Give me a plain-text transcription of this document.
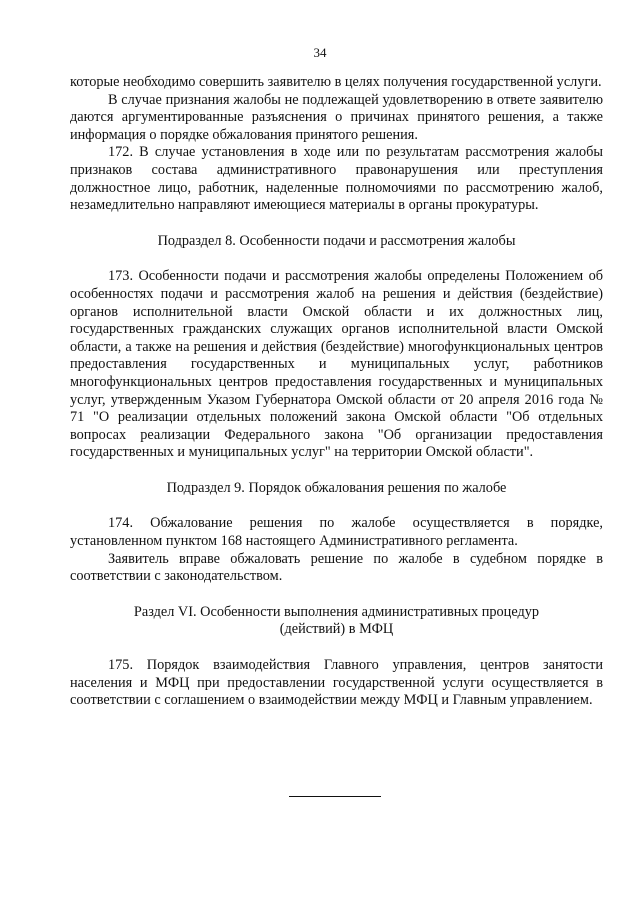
34

которые необходимо совершить заявителю в целях получения государственной услуги.

В случае признания жалобы не подлежащей удовлетворению в ответе заявителю даются аргументированные разъяснения о причинах принятого решения, а также информация о порядке обжалования принятого решения.

172. В случае установления в ходе или по результатам рассмотрения жалобы признаков состава административного правонарушения или преступления должностное лицо, работник, наделенные полномочиями по рассмотрению жалоб, незамедлительно направляют имеющиеся материалы в органы прокуратуры.

Подраздел 8. Особенности подачи и рассмотрения жалобы

173. Особенности подачи и рассмотрения жалобы определены Положением об особенностях подачи и рассмотрения жалоб на решения и действия (бездействие) органов исполнительной власти Омской области и их должностных лиц, государственных гражданских служащих органов исполнительной власти Омской области, а также на решения и действия (бездействие) многофункциональных центров предоставления государственных и муниципальных услуг, работников многофункциональных центров предоставления государственных и муниципальных услуг, утвержденным Указом Губернатора Омской области от 20 апреля 2016 года № 71 "О реализации отдельных положений закона Омской области "Об отдельных вопросах реализации Федерального закона "Об организации предоставления государственных и муниципальных услуг" на территории Омской области".

Подраздел 9. Порядок обжалования решения по жалобе

174. Обжалование решения по жалобе осуществляется в порядке, установленном пунктом 168 настоящего Административного регламента.

Заявитель вправе обжаловать решение по жалобе в судебном порядке в соответствии с законодательством.

Раздел VI. Особенности выполнения административных процедур

(действий) в МФЦ

175. Порядок взаимодействия Главного управления, центров занятости населения и МФЦ при предоставлении государственной услуги осуществляется в соответствии с соглашением о взаимодействии между МФЦ и Главным управлением.
